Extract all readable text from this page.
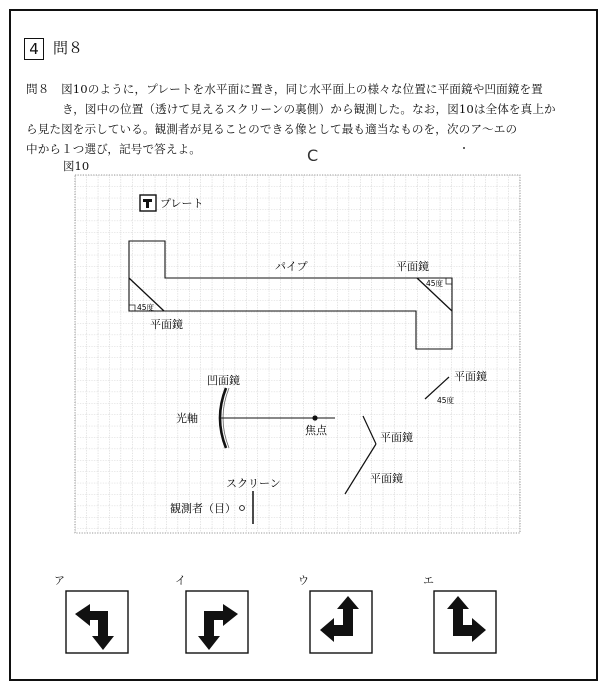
4 問８
問８　図10のように，プレートを水平面に置き，同じ水平面上の様々な位置に平面鏡や凹面鏡を置
き，図中の位置（透けて見えるスクリーンの裏側）から観測した。なお，図10は全体を真上か
ら見た図を示している。観測者が見ることのできる像として最も適当なものを，次のア～エの
中から１つ選び，記号で答えよ。	C
図10
プレート
パイプ
45度
平面鏡
45度
平面鏡
凹面鏡
光軸
焦点
平面鏡
45度
平面鏡
平面鏡
スクリーン
観測者（目）
ア	イ	ウ	エ
